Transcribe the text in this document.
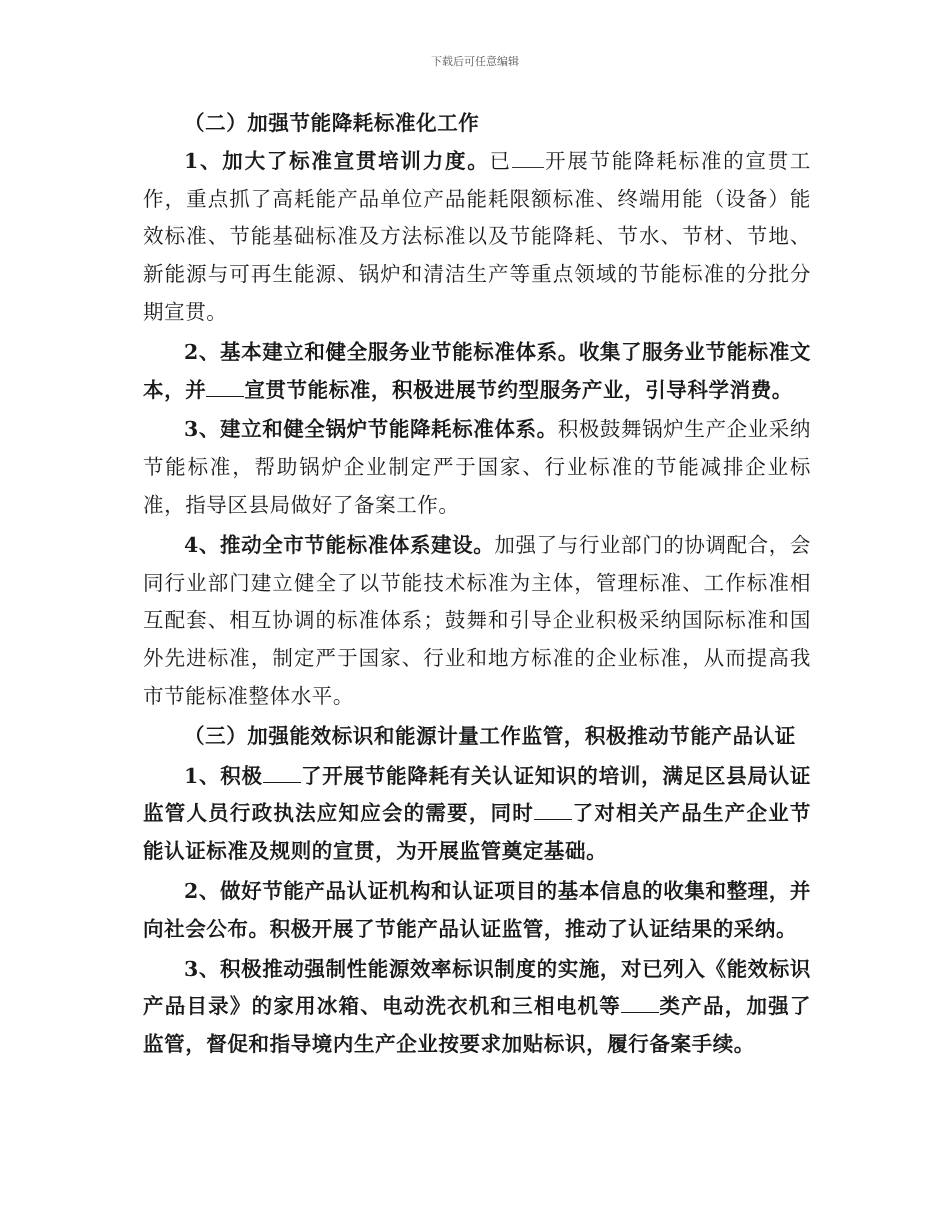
下载后可任意编辑

（二）加强节能降耗标准化工作

1、加大了标准宣贯培训力度。已 开展节能降耗标准的宣贯工作，重点抓了高耗能产品单位产品能耗限额标准、终端用能（设备）能效标准、节能基础标准及方法标准以及节能降耗、节水、节材、节地、新能源与可再生能源、锅炉和清洁生产等重点领域的节能标准的分批分期宣贯。

2、基本建立和健全服务业节能标准体系。收集了服务业节能标准文本，并 宣贯节能标准，积极进展节约型服务产业，引导科学消费。

3、建立和健全锅炉节能降耗标准体系。积极鼓舞锅炉生产企业采纳节能标准，帮助锅炉企业制定严于国家、行业标准的节能减排企业标准，指导区县局做好了备案工作。

4、推动全市节能标准体系建设。加强了与行业部门的协调配合，会同行业部门建立健全了以节能技术标准为主体，管理标准、工作标准相互配套、相互协调的标准体系；鼓舞和引导企业积极采纳国际标准和国外先进标准，制定严于国家、行业和地方标准的企业标准，从而提高我市节能标准整体水平。

（三）加强能效标识和能源计量工作监管，积极推动节能产品认证

1、积极 了开展节能降耗有关认证知识的培训，满足区县局认证监管人员行政执法应知应会的需要，同时 了对相关产品生产企业节能认证标准及规则的宣贯，为开展监管奠定基础。

2、做好节能产品认证机构和认证项目的基本信息的收集和整理，并向社会公布。积极开展了节能产品认证监管，推动了认证结果的采纳。

3、积极推动强制性能源效率标识制度的实施，对已列入《能效标识产品目录》的家用冰箱、电动洗衣机和三相电机等 类产品，加强了监管，督促和指导境内生产企业按要求加贴标识，履行备案手续。
